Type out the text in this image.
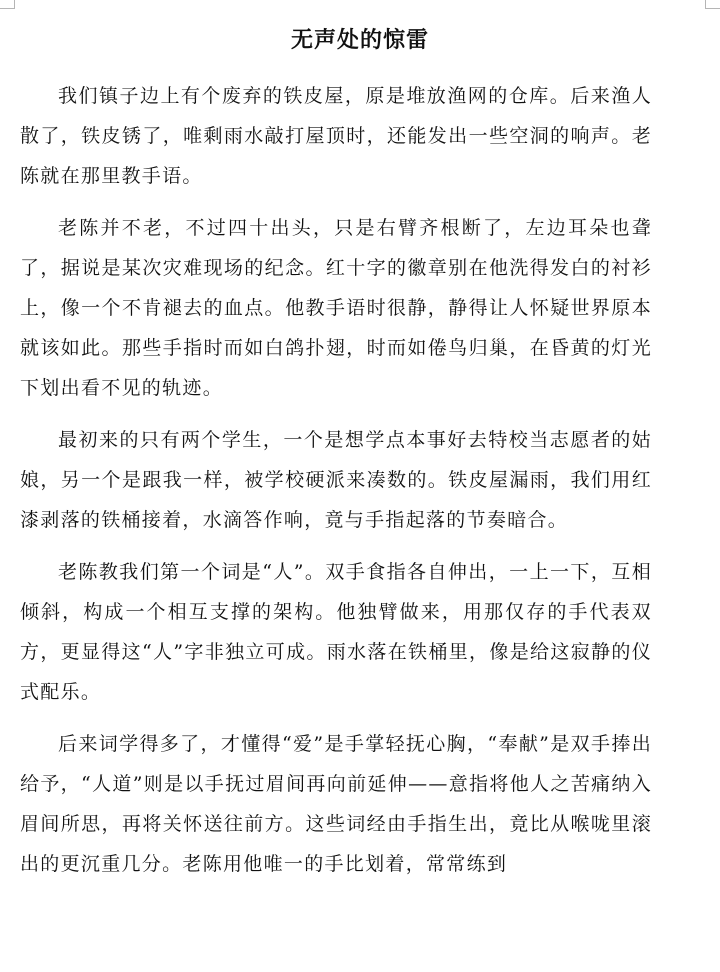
无声处的惊雷

我们镇子边上有个废弃的铁皮屋，原是堆放渔网的仓库。后来渔人散了，铁皮锈了，唯剩雨水敲打屋顶时，还能发出一些空洞的响声。老陈就在那里教手语。

老陈并不老，不过四十出头，只是右臂齐根断了，左边耳朵也聋了，据说是某次灾难现场的纪念。红十字的徽章别在他洗得发白的衬衫上，像一个不肯褪去的血点。他教手语时很静，静得让人怀疑世界原本就该如此。那些手指时而如白鸽扑翅，时而如倦鸟归巢，在昏黄的灯光下划出看不见的轨迹。

最初来的只有两个学生，一个是想学点本事好去特校当志愿者的姑娘，另一个是跟我一样，被学校硬派来凑数的。铁皮屋漏雨，我们用红漆剥落的铁桶接着，水滴答作响，竟与手指起落的节奏暗合。

老陈教我们第一个词是“人”。双手食指各自伸出，一上一下，互相倾斜，构成一个相互支撑的架构。他独臂做来，用那仅存的手代表双方，更显得这“人”字非独立可成。雨水落在铁桶里，像是给这寂静的仪式配乐。

后来词学得多了，才懂得“爱”是手掌轻抚心胸，“奉献”是双手捧出给予，“人道”则是以手抚过眉间再向前延伸——意指将他人之苦痛纳入眉间所思，再将关怀送往前方。这些词经由手指生出，竟比从喉咙里滚出的更沉重几分。老陈用他唯一的手比划着，常常练到
